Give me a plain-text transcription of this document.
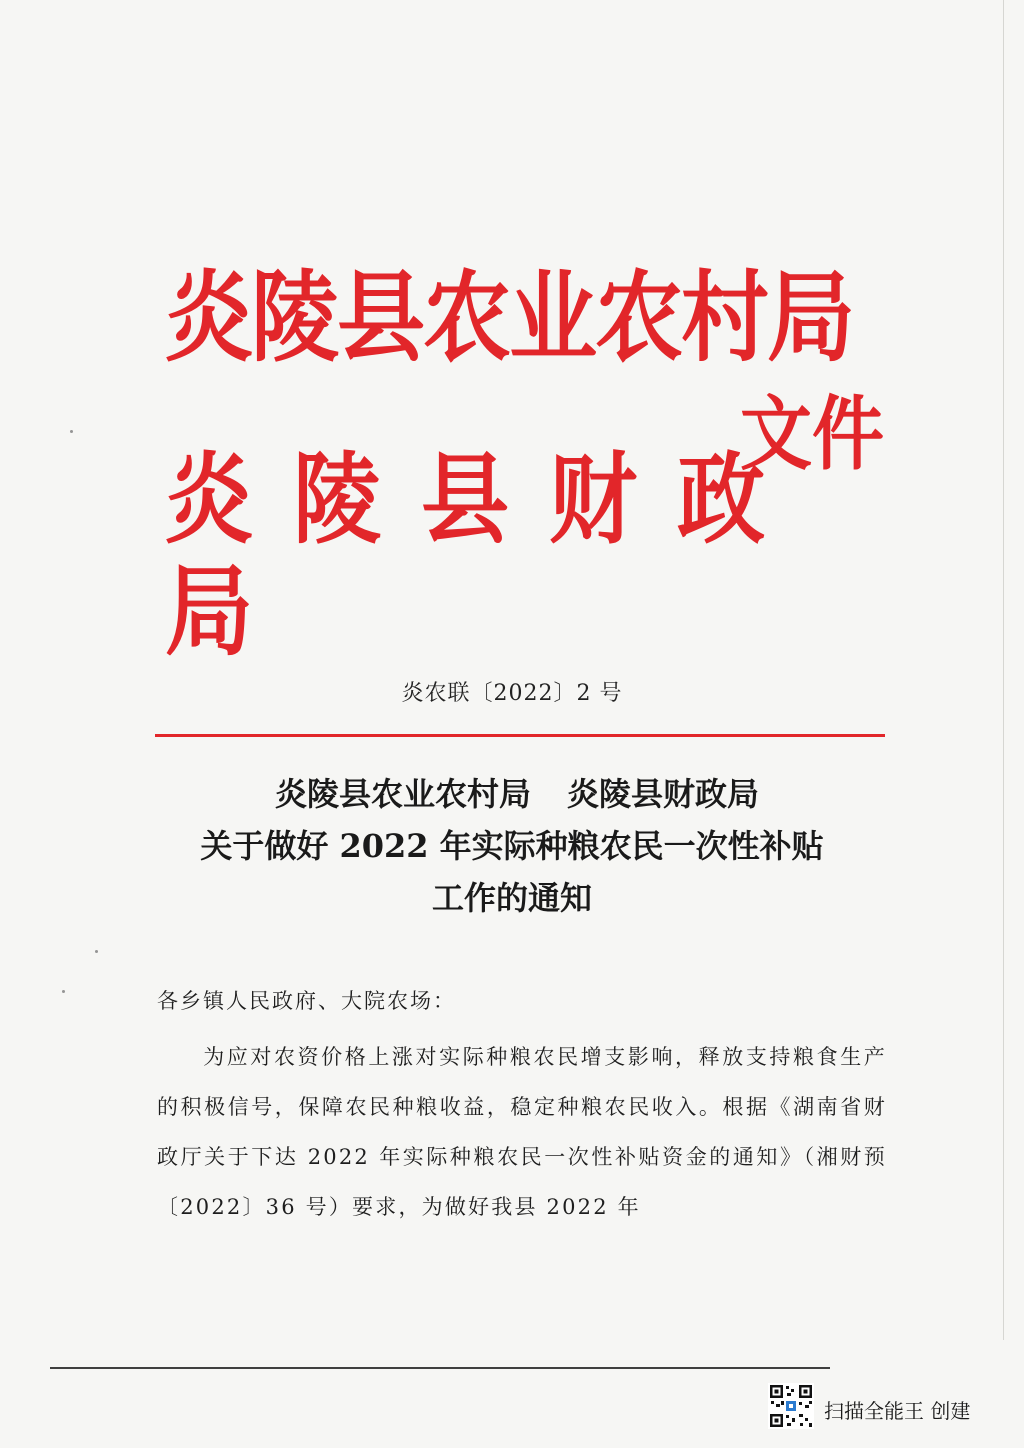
炎陵县农业农村局
炎陵县财政局
文件
炎农联〔2022〕2 号
炎陵县农业农村局 炎陵县财政局
关于做好 2022 年实际种粮农民一次性补贴
工作的通知
各乡镇人民政府、大院农场：

为应对农资价格上涨对实际种粮农民增支影响，释放支持粮食生产的积极信号，保障农民种粮收益，稳定种粮农民收入。根据《湖南省财政厅关于下达 2022 年实际种粮农民一次性补贴资金的通知》（湘财预〔2022〕36 号）要求，为做好我县 2022 年

扫描全能王 创建
